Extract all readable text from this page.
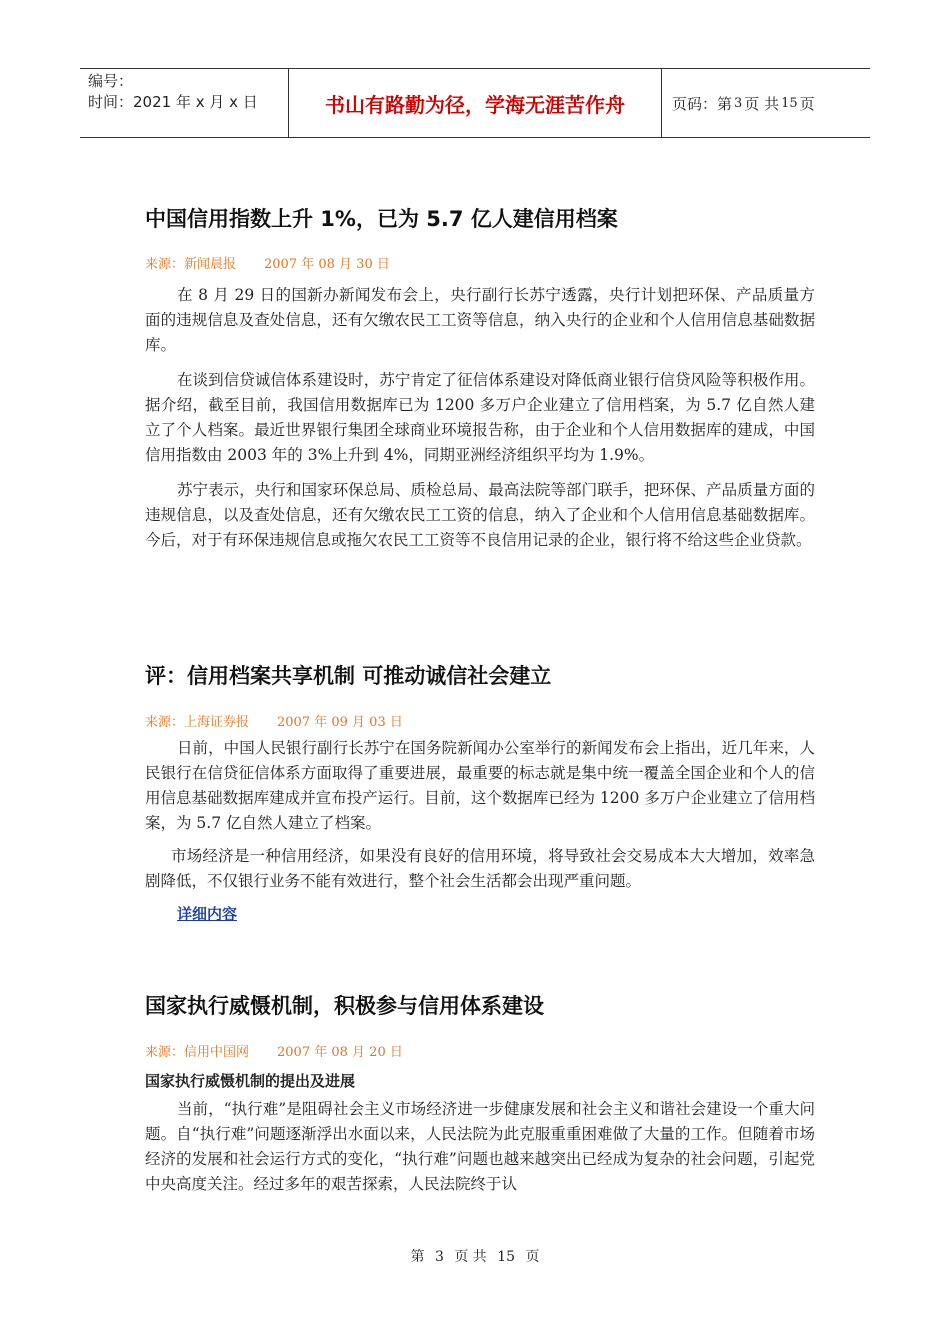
编号：
时间：2021 年 x 月 x 日	书山有路勤为径，学海无涯苦作舟	页码：第 3 页 共 15 页
中国信用指数上升 1%，已为 5.7 亿人建信用档案

来源：新闻晨报 2007 年 08 月 30 日

在 8 月 29 日的国新办新闻发布会上，央行副行长苏宁透露，央行计划把环保、产品质量方面的违规信息及查处信息，还有欠缴农民工工资等信息，纳入央行的企业和个人信用信息基础数据库。

在谈到信贷诚信体系建设时，苏宁肯定了征信体系建设对降低商业银行信贷风险等积极作用。据介绍，截至目前，我国信用数据库已为 1200 多万户企业建立了信用档案，为 5.7 亿自然人建立了个人档案。最近世界银行集团全球商业环境报告称，由于企业和个人信用数据库的建成，中国信用指数由 2003 年的 3%上升到 4%，同期亚洲经济组织平均为 1.9%。

苏宁表示，央行和国家环保总局、质检总局、最高法院等部门联手，把环保、产品质量方面的违规信息，以及查处信息，还有欠缴农民工工资的信息，纳入了企业和个人信用信息基础数据库。今后，对于有环保违规信息或拖欠农民工工资等不良信用记录的企业，银行将不给这些企业贷款。

评：信用档案共享机制 可推动诚信社会建立

来源：上海证券报 2007 年 09 月 03 日

日前，中国人民银行副行长苏宁在国务院新闻办公室举行的新闻发布会上指出，近几年来，人民银行在信贷征信体系方面取得了重要进展，最重要的标志就是集中统一覆盖全国企业和个人的信用信息基础数据库建成并宣布投产运行。目前，这个数据库已经为 1200 多万户企业建立了信用档案，为 5.7 亿自然人建立了档案。

市场经济是一种信用经济，如果没有良好的信用环境，将导致社会交易成本大大增加，效率急剧降低，不仅银行业务不能有效进行，整个社会生活都会出现严重问题。

详细内容
国家执行威慑机制，积极参与信用体系建设

来源：信用中国网 2007 年 08 月 20 日

国家执行威慑机制的提出及进展

当前，“执行难”是阻碍社会主义市场经济进一步健康发展和社会主义和谐社会建设一个重大问题。自“执行难”问题逐渐浮出水面以来，人民法院为此克服重重困难做了大量的工作。但随着市场经济的发展和社会运行方式的变化，“执行难”问题也越来越突出已经成为复杂的社会问题，引起党中央高度关注。经过多年的艰苦探索，人民法院终于认

第 3 页 共 15 页
